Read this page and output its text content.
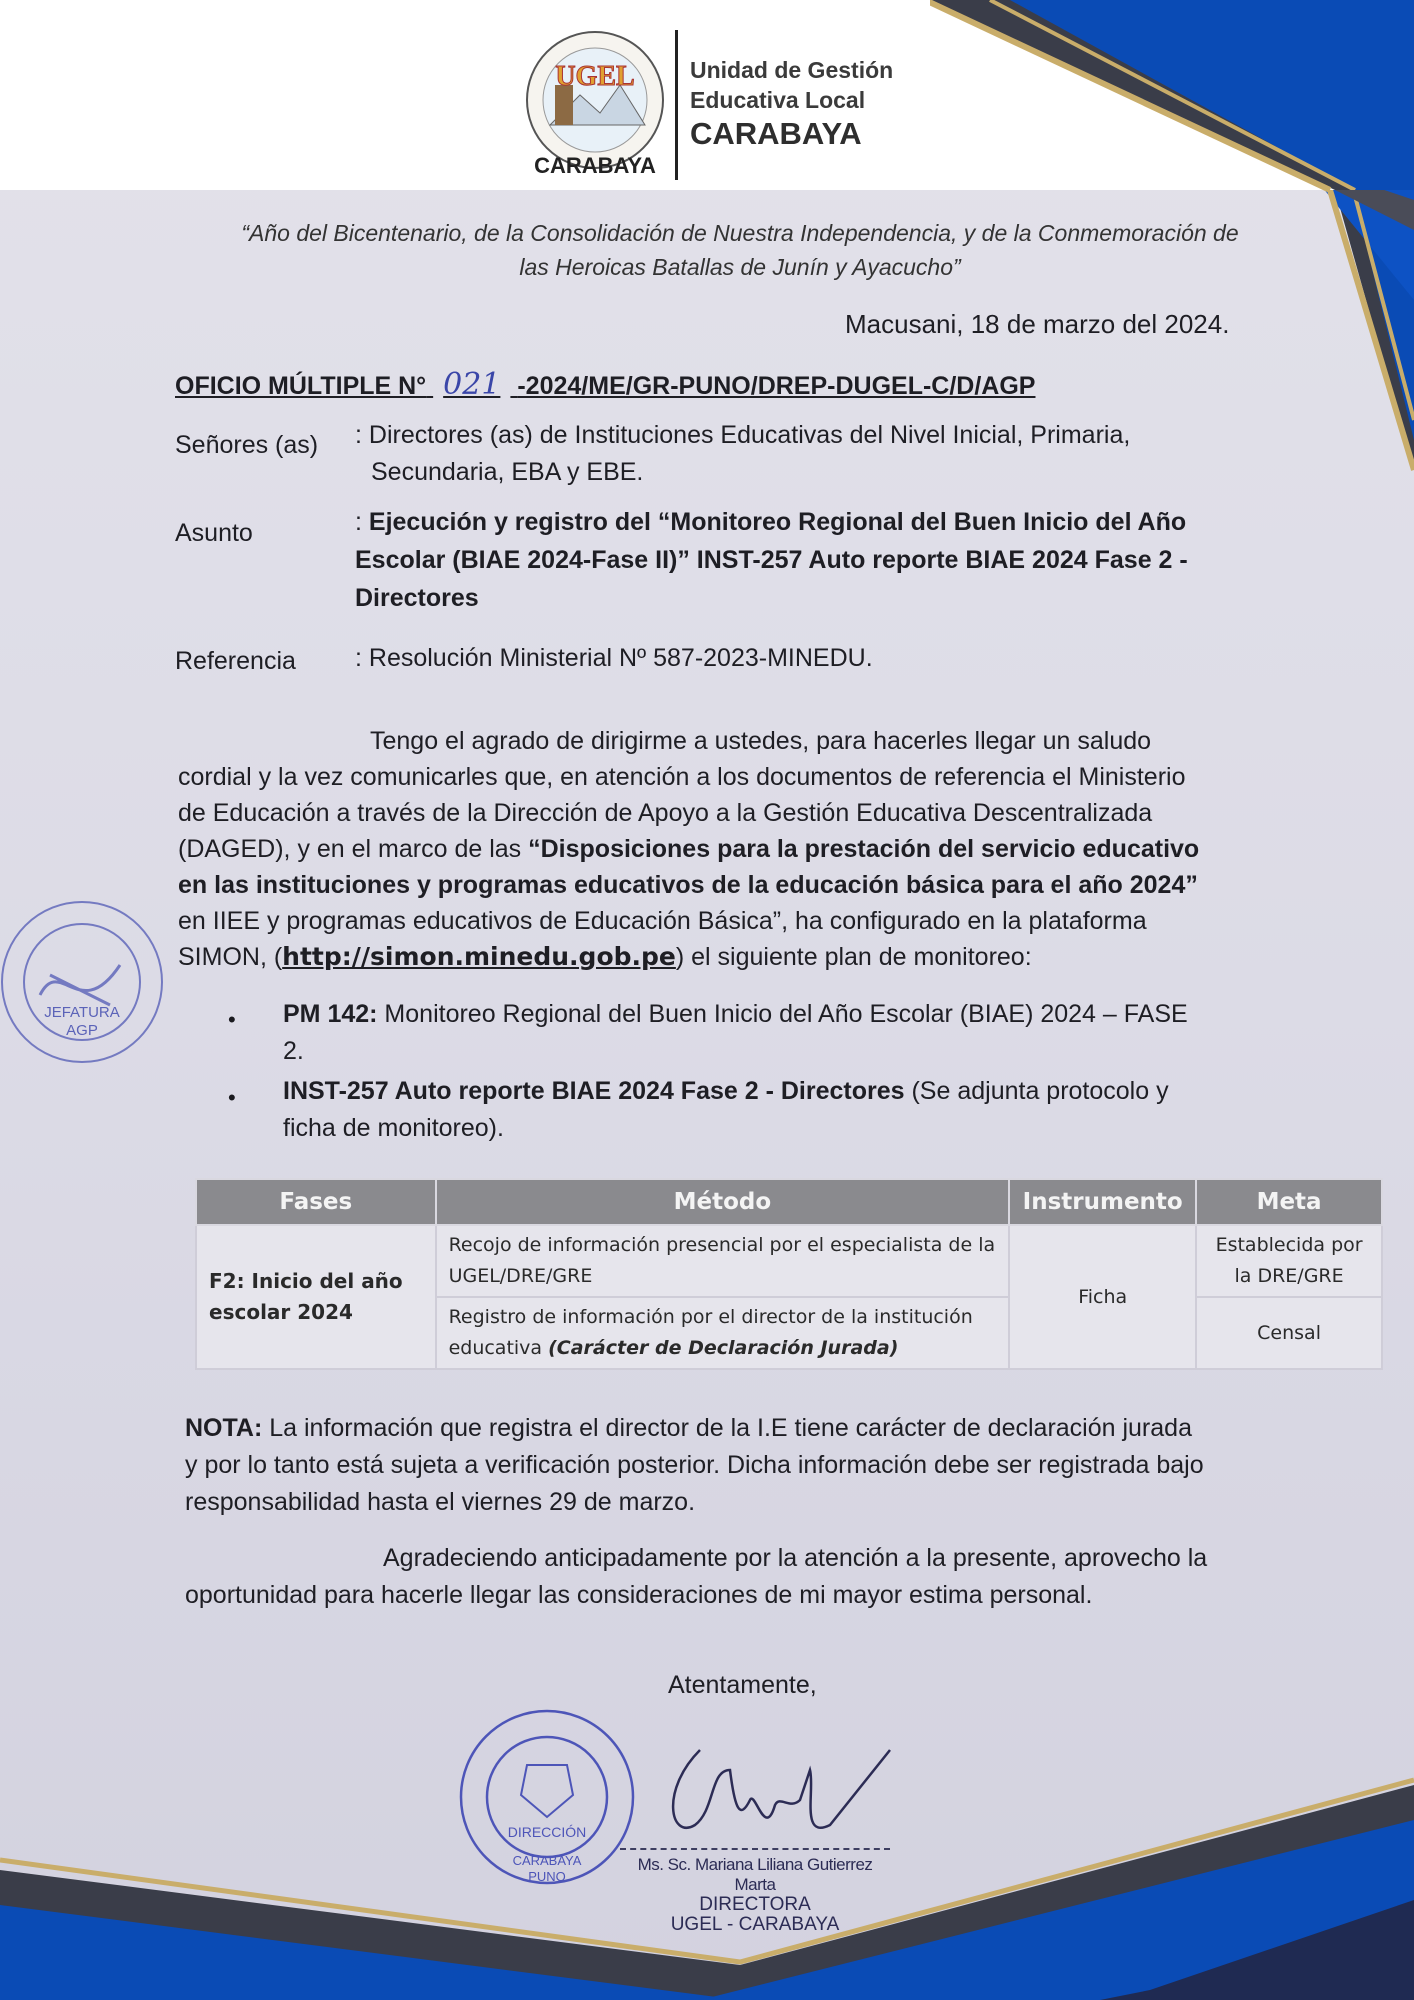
UGEL
CARABAYA
Unidad de Gestión
Educativa Local
CARABAYA
“Año del Bicentenario, de la Consolidación de Nuestra Independencia, y de la Conmemoración de
las Heroicas Batallas de Junín y Ayacucho”
Macusani, 18 de marzo del 2024.
OFICIO MÚLTIPLE N° 021 -2024/ME/GR-PUNO/DREP-DUGEL-C/D/AGP
Señores (as) : Directores (as) de Instituciones Educativas del Nivel Inicial, Primaria,
Secundaria, EBA y EBE.
Asunto	: Ejecución y registro del “Monitoreo Regional del Buen Inicio del Año
Escolar (BIAE 2024-Fase II)” INST-257 Auto reporte BIAE 2024 Fase 2 -
Directores
Referencia : Resolución Ministerial Nº 587-2023-MINEDU.
Tengo el agrado de dirigirme a ustedes, para hacerles llegar un saludo
cordial y la vez comunicarles que, en atención a los documentos de referencia el Ministerio
de Educación a través de la Dirección de Apoyo a la Gestión Educativa Descentralizada
(DAGED), y en el marco de las “Disposiciones para la prestación del servicio educativo
en las instituciones y programas educativos de la educación básica para el año 2024”
en IIEE y programas educativos de Educación Básica”, ha configurado en la plataforma
SIMON, (http://simon.minedu.gob.pe) el siguiente plan de monitoreo:
• PM 142: Monitoreo Regional del Buen Inicio del Año Escolar (BIAE) 2024 – FASE
2.
• INST-257 Auto reporte BIAE 2024 Fase 2 - Directores (Se adjunta protocolo y
ficha de monitoreo).
Fases	Método	Instrumento	Meta
F2: Inicio del año escolar 2024	Recojo de información presencial por el especialista de la UGEL/DRE/GRE	Ficha	Establecida por la DRE/GRE
	Registro de información por el director de la institución educativa (Carácter de Declaración Jurada)		Censal
NOTA: La información que registra el director de la I.E tiene carácter de declaración jurada
y por lo tanto está sujeta a verificación posterior. Dicha información debe ser registrada bajo
responsabilidad hasta el viernes 29 de marzo.
Agradeciendo anticipadamente por la atención a la presente, aprovecho la
oportunidad para hacerle llegar las consideraciones de mi mayor estima personal.
Atentamente,
JEFATURA
AGP
DIRECCIÓN
CARABAYA
PUNO
Ms. Sc. Mariana Liliana Gutierrez Marta
DIRECTORA
UGEL - CARABAYA
